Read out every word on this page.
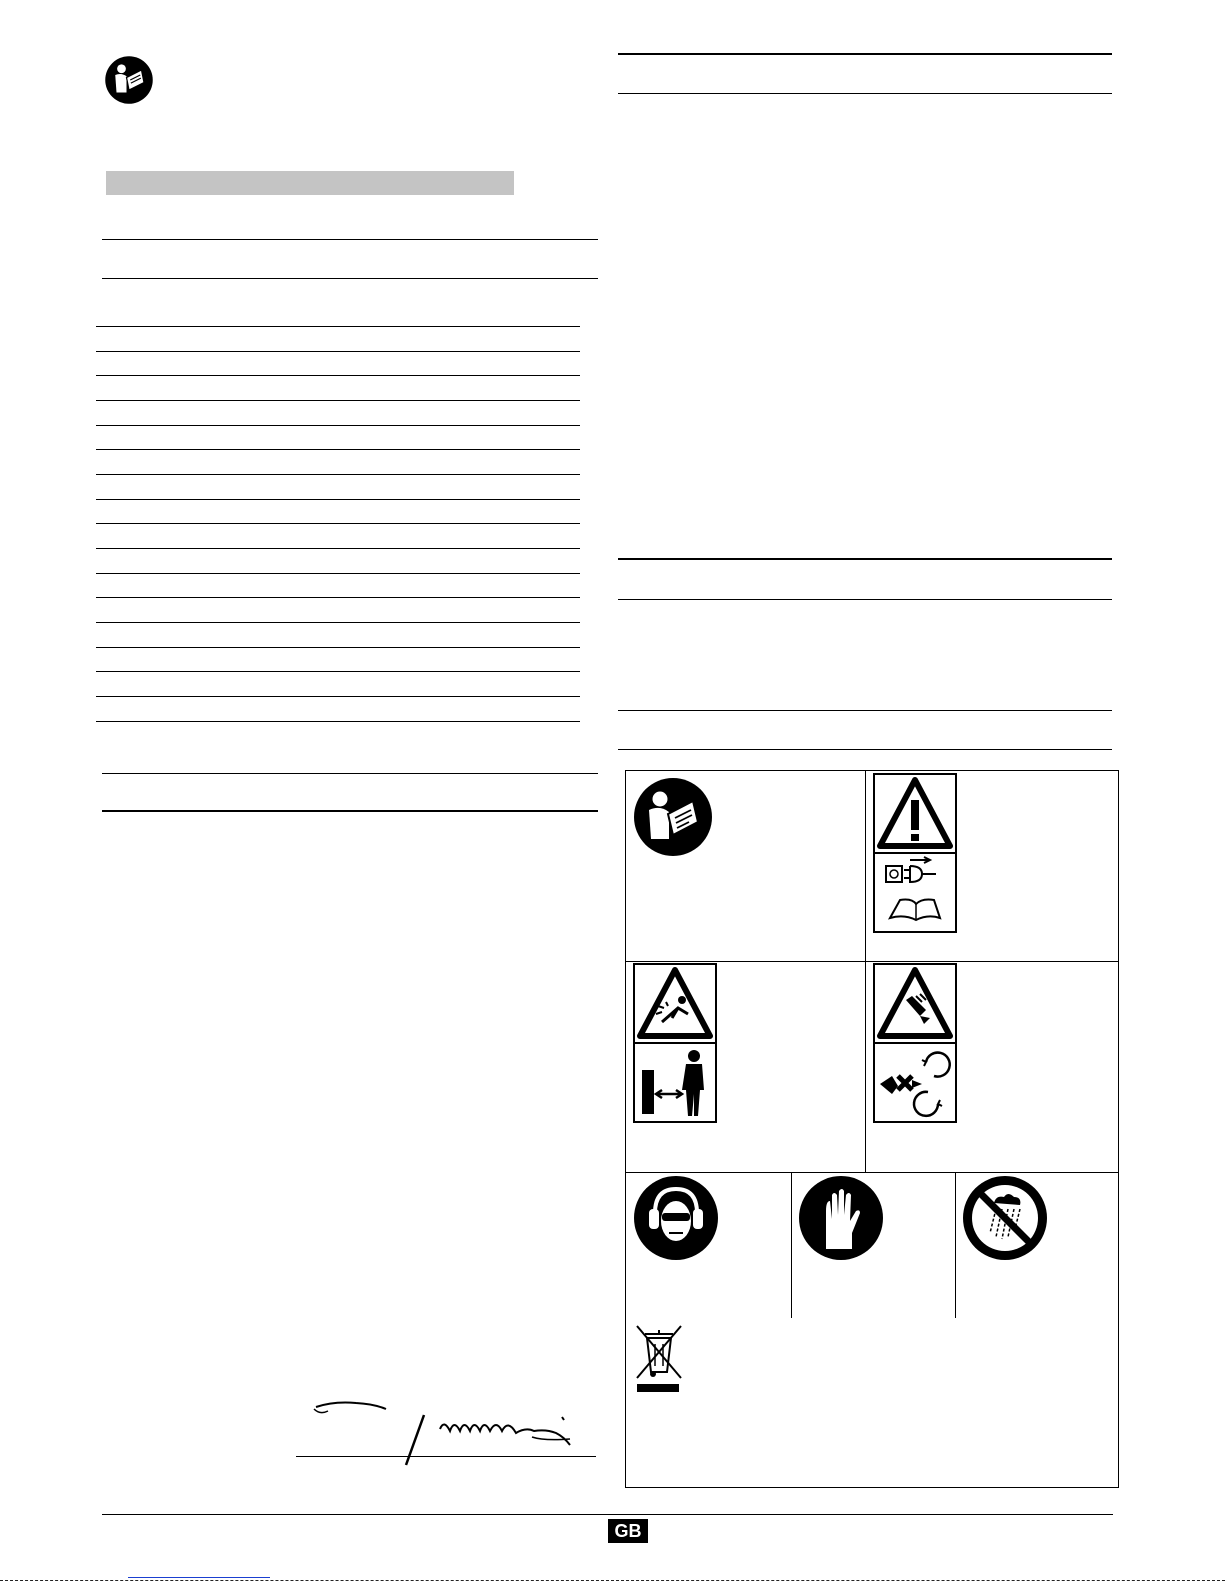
GB
